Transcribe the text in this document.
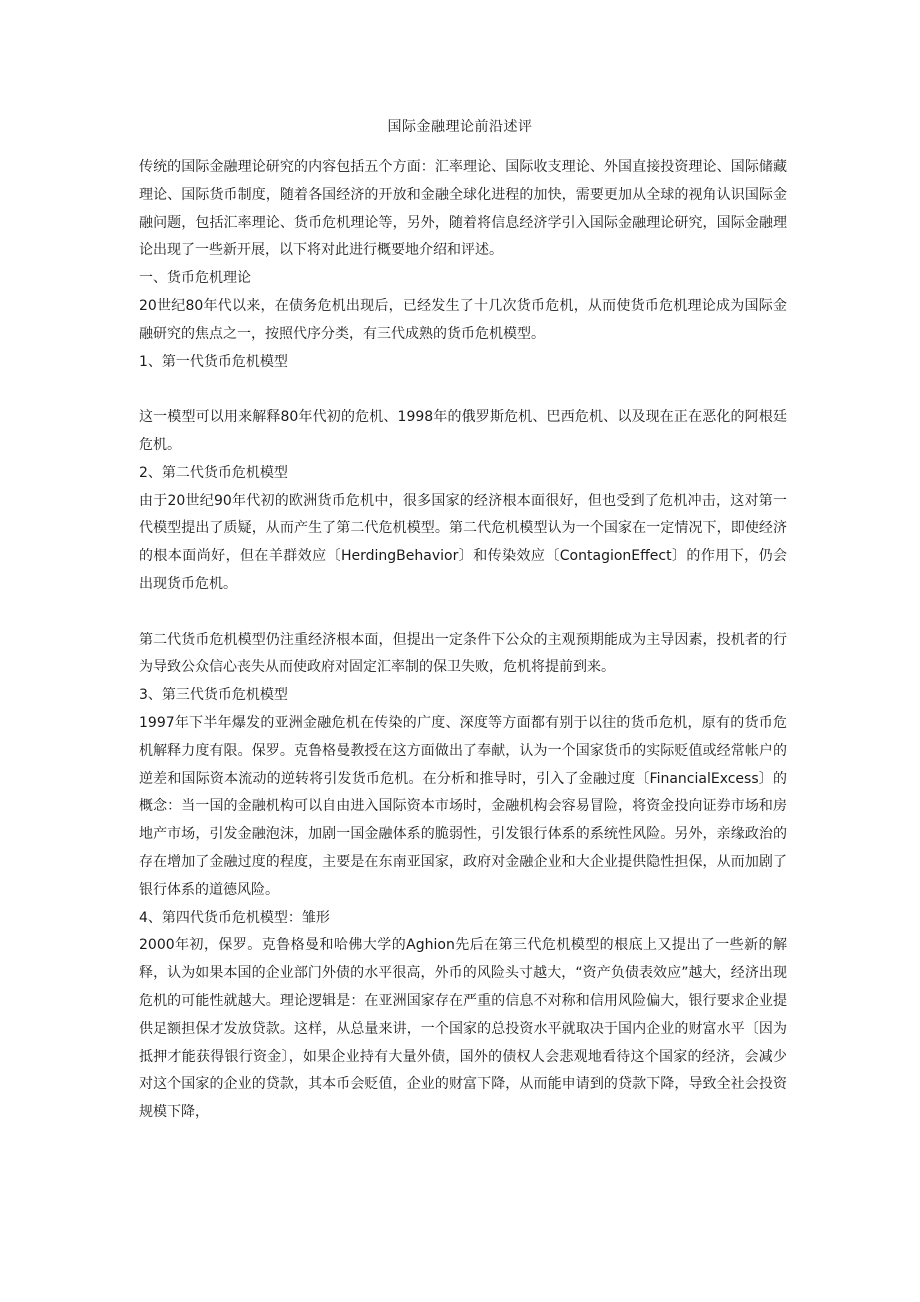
国际金融理论前沿述评

传统的国际金融理论研究的内容包括五个方面：汇率理论、国际收支理论、外国直接投资理论、国际储藏理论、国际货币制度，随着各国经济的开放和金融全球化进程的加快，需要更加从全球的视角认识国际金融问题，包括汇率理论、货币危机理论等，另外，随着将信息经济学引入国际金融理论研究，国际金融理论出现了一些新开展，以下将对此进行概要地介绍和评述。

一、货币危机理论

20世纪80年代以来，在债务危机出现后，已经发生了十几次货币危机，从而使货币危机理论成为国际金融研究的焦点之一，按照代序分类，有三代成熟的货币危机模型。

1、第一代货币危机模型

这一模型可以用来解释80年代初的危机、1998年的俄罗斯危机、巴西危机、以及现在正在恶化的阿根廷危机。

2、第二代货币危机模型

由于20世纪90年代初的欧洲货币危机中，很多国家的经济根本面很好，但也受到了危机冲击，这对第一代模型提出了质疑，从而产生了第二代危机模型。第二代危机模型认为一个国家在一定情况下，即使经济的根本面尚好，但在羊群效应〔HerdingBehavior〕和传染效应〔ContagionEffect〕的作用下，仍会出现货币危机。

第二代货币危机模型仍注重经济根本面，但提出一定条件下公众的主观预期能成为主导因素，投机者的行为导致公众信心丧失从而使政府对固定汇率制的保卫失败，危机将提前到来。

3、第三代货币危机模型

1997年下半年爆发的亚洲金融危机在传染的广度、深度等方面都有别于以往的货币危机，原有的货币危机解释力度有限。保罗。克鲁格曼教授在这方面做出了奉献，认为一个国家货币的实际贬值或经常帐户的逆差和国际资本流动的逆转将引发货币危机。在分析和推导时，引入了金融过度〔FinancialExcess〕的概念：当一国的金融机构可以自由进入国际资本市场时，金融机构会容易冒险，将资金投向证券市场和房地产市场，引发金融泡沫，加剧一国金融体系的脆弱性，引发银行体系的系统性风险。另外，亲缘政治的存在增加了金融过度的程度，主要是在东南亚国家，政府对金融企业和大企业提供隐性担保，从而加剧了银行体系的道德风险。

4、第四代货币危机模型：雏形

2000年初，保罗。克鲁格曼和哈佛大学的Aghion先后在第三代危机模型的根底上又提出了一些新的解释，认为如果本国的企业部门外债的水平很高，外币的风险头寸越大，“资产负债表效应”越大，经济出现危机的可能性就越大。理论逻辑是：在亚洲国家存在严重的信息不对称和信用风险偏大，银行要求企业提供足额担保才发放贷款。这样，从总量来讲，一个国家的总投资水平就取决于国内企业的财富水平〔因为抵押才能获得银行资金〕，如果企业持有大量外债，国外的债权人会悲观地看待这个国家的经济，会减少对这个国家的企业的贷款，其本币会贬值，企业的财富下降，从而能申请到的贷款下降，导致全社会投资规模下降，
